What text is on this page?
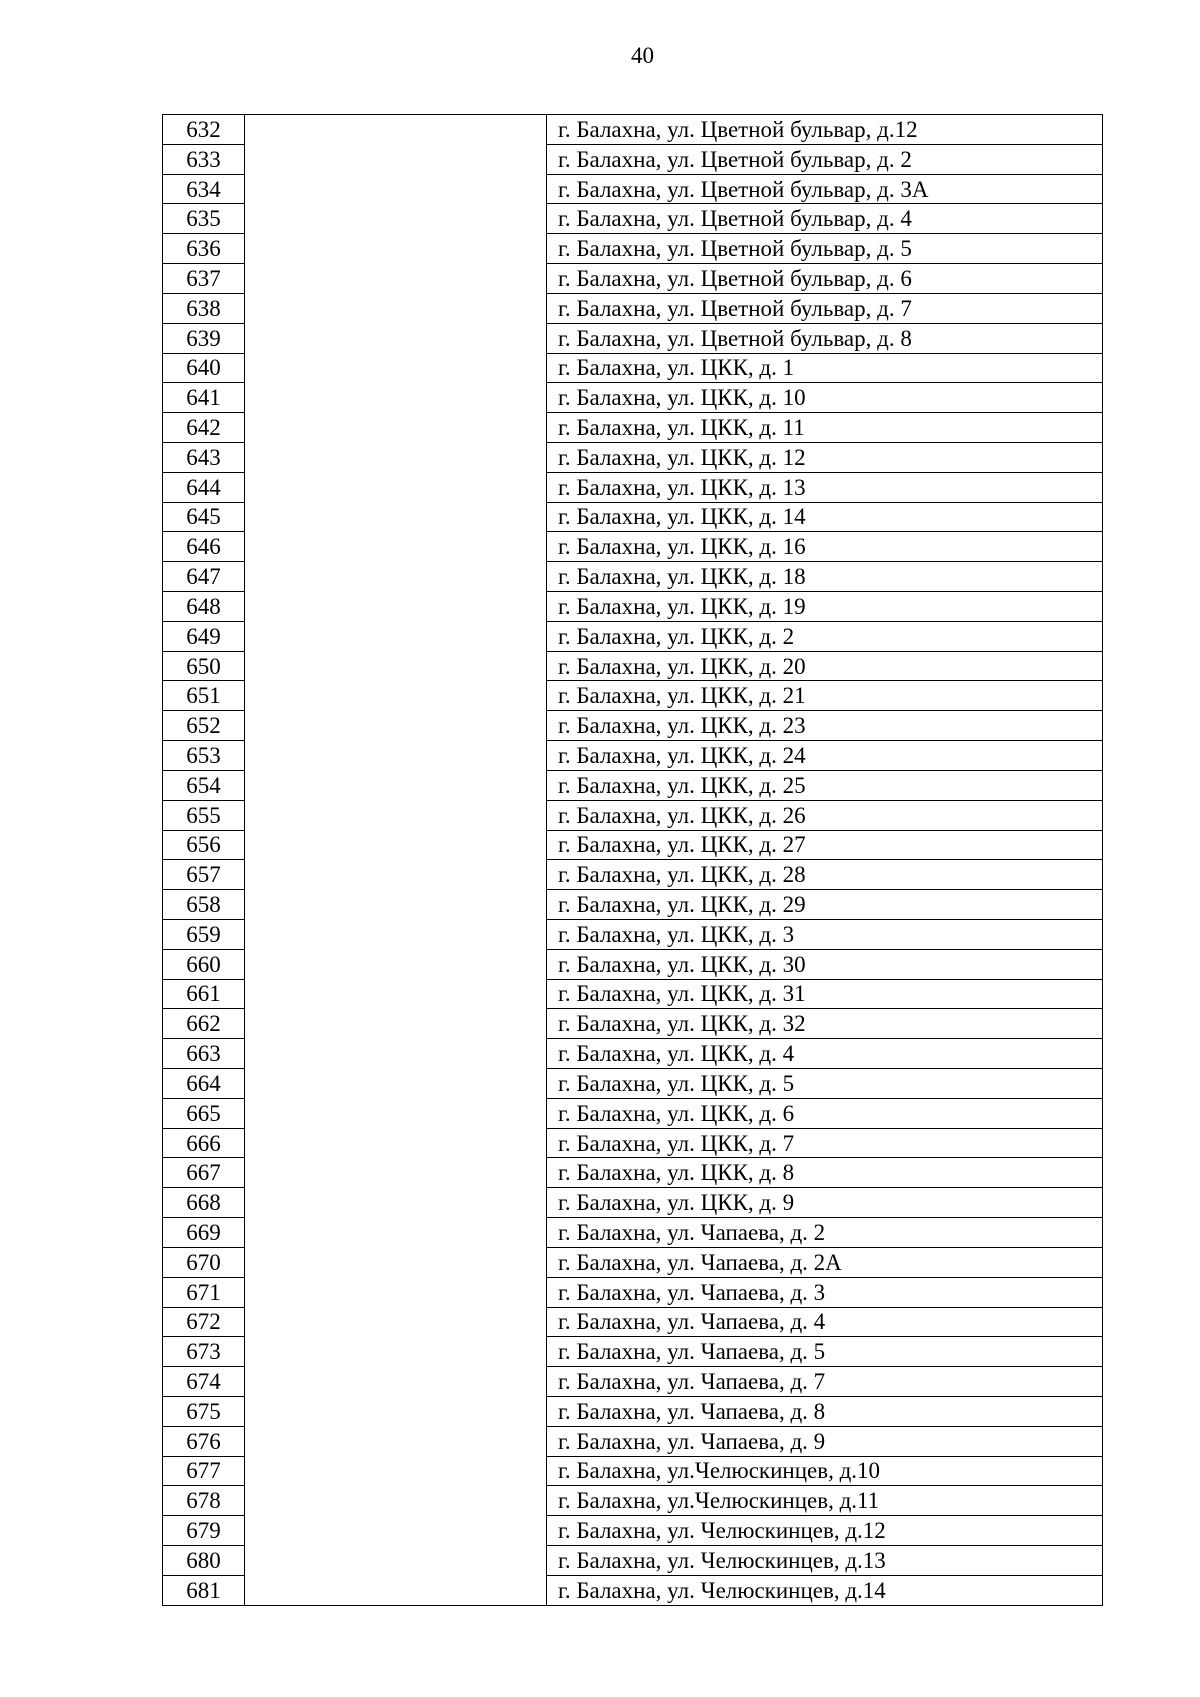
40
632		г. Балахна, ул. Цветной бульвар, д.12
633		г. Балахна, ул. Цветной бульвар, д. 2
634		г. Балахна, ул. Цветной бульвар, д. 3А
635		г. Балахна, ул. Цветной бульвар, д. 4
636		г. Балахна, ул. Цветной бульвар, д. 5
637		г. Балахна, ул. Цветной бульвар, д. 6
638		г. Балахна, ул. Цветной бульвар, д. 7
639		г. Балахна, ул. Цветной бульвар, д. 8
640		г. Балахна, ул. ЦКК, д. 1
641		г. Балахна, ул. ЦКК, д. 10
642		г. Балахна, ул. ЦКК, д. 11
643		г. Балахна, ул. ЦКК, д. 12
644		г. Балахна, ул. ЦКК, д. 13
645		г. Балахна, ул. ЦКК, д. 14
646		г. Балахна, ул. ЦКК, д. 16
647		г. Балахна, ул. ЦКК, д. 18
648		г. Балахна, ул. ЦКК, д. 19
649		г. Балахна, ул. ЦКК, д. 2
650		г. Балахна, ул. ЦКК, д. 20
651		г. Балахна, ул. ЦКК, д. 21
652		г. Балахна, ул. ЦКК, д. 23
653		г. Балахна, ул. ЦКК, д. 24
654		г. Балахна, ул. ЦКК, д. 25
655		г. Балахна, ул. ЦКК, д. 26
656		г. Балахна, ул. ЦКК, д. 27
657		г. Балахна, ул. ЦКК, д. 28
658		г. Балахна, ул. ЦКК, д. 29
659		г. Балахна, ул. ЦКК, д. 3
660		г. Балахна, ул. ЦКК, д. 30
661		г. Балахна, ул. ЦКК, д. 31
662		г. Балахна, ул. ЦКК, д. 32
663		г. Балахна, ул. ЦКК, д. 4
664		г. Балахна, ул. ЦКК, д. 5
665		г. Балахна, ул. ЦКК, д. 6
666		г. Балахна, ул. ЦКК, д. 7
667		г. Балахна, ул. ЦКК, д. 8
668		г. Балахна, ул. ЦКК, д. 9
669		г. Балахна, ул. Чапаева, д. 2
670		г. Балахна, ул. Чапаева, д. 2А
671		г. Балахна, ул. Чапаева, д. 3
672		г. Балахна, ул. Чапаева, д. 4
673		г. Балахна, ул. Чапаева, д. 5
674		г. Балахна, ул. Чапаева, д. 7
675		г. Балахна, ул. Чапаева, д. 8
676		г. Балахна, ул. Чапаева, д. 9
677		г. Балахна, ул.Челюскинцев, д.10
678		г. Балахна, ул.Челюскинцев, д.11
679		г. Балахна, ул. Челюскинцев, д.12
680		г. Балахна, ул. Челюскинцев, д.13
681		г. Балахна, ул. Челюскинцев, д.14
